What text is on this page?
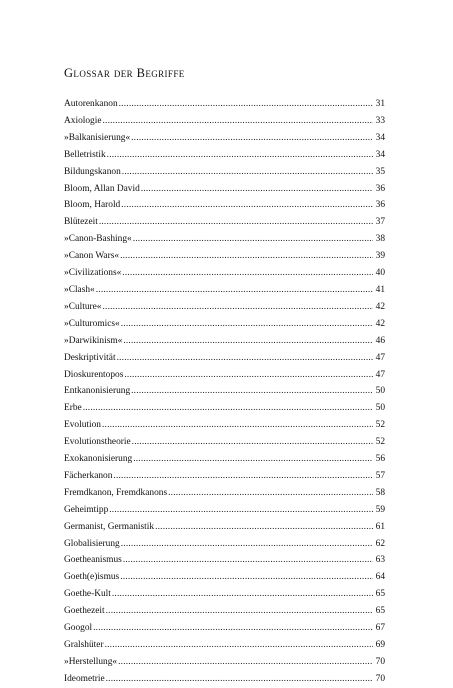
Glossar der Begriffe
Autorenkanon .....	31
Axiologie .....	33
»Balkanisierung« .....	34
Belletristik .....	34
Bildungskanon .....	35
Bloom, Allan David .....	36
Bloom, Harold .....	36
Blütezeit .....	37
»Canon-Bashing« .....	38
»Canon Wars« .....	39
»Civilizations« .....	40
»Clash« .....	41
»Culture« .....	42
»Culturomics« .....	42
»Darwikinism« .....	46
Deskriptivität .....	47
Dioskurentopos .....	47
Entkanonisierung .....	50
Erbe .....	50
Evolution .....	52
Evolutionstheorie .....	52
Exokanonisierung .....	56
Fächerkanon .....	57
Fremdkanon, Fremdkanons .....	58
Geheimtipp .....	59
Germanist, Germanistik .....	61
Globalisierung .....	62
Goetheanismus .....	63
Goeth(e)ismus .....	64
Goethe-Kult .....	65
Goethezeit .....	65
Googol .....	67
Gralshüter .....	69
»Herstellung« .....	70
Ideometrie .....	70
